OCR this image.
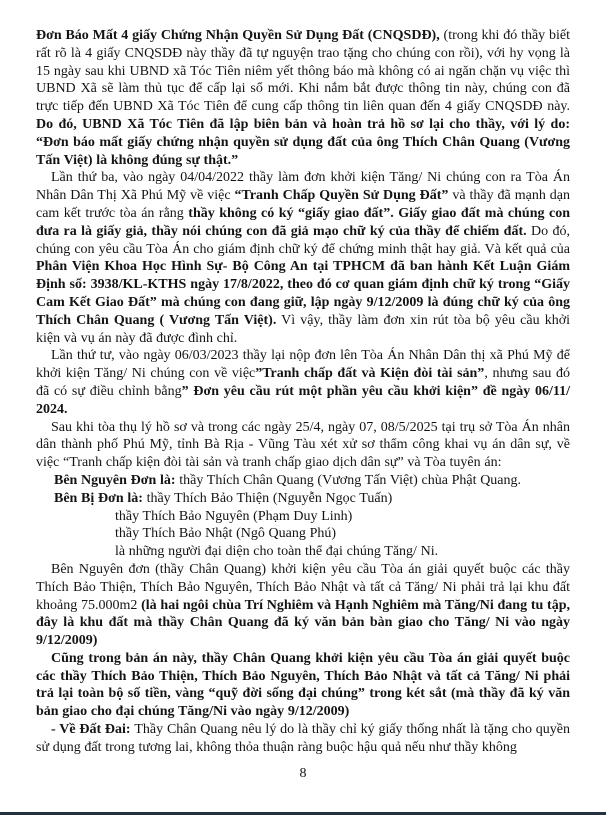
Đơn Báo Mất 4 giấy Chứng Nhận Quyền Sử Dụng Đất (CNQSDĐ), (trong khi đó thầy biết rất rõ là 4 giấy CNQSDĐ này thầy đã tự nguyện trao tặng cho chúng con rồi), với hy vọng là 15 ngày sau khi UBND xã Tóc Tiên niêm yết thông báo mà không có ai ngăn chặn vụ việc thì UBND Xã sẽ làm thủ tục để cấp lại sổ mới. Khi nắm bắt được thông tin này, chúng con đã trực tiếp đến UBND Xã Tóc Tiên để cung cấp thông tin liên quan đến 4 giấy CNQSDĐ này. Do đó, UBND Xã Tóc Tiên đã lập biên bản và hoàn trả hồ sơ lại cho thầy, với lý do: “Đơn báo mất giấy chứng nhận quyền sử dụng đất của ông Thích Chân Quang (Vương Tấn Việt) là không đúng sự thật.”

Lần thứ ba, vào ngày 04/04/2022 thầy làm đơn khởi kiện Tăng/ Ni chúng con ra Tòa Án Nhân Dân Thị Xã Phú Mỹ về việc “Tranh Chấp Quyền Sử Dụng Đất” và thầy đã mạnh dạn cam kết trước tòa án rằng thầy không có ký “giấy giao đất”. Giấy giao đất mà chúng con đưa ra là giấy giả, thầy nói chúng con đã giả mạo chữ ký của thầy để chiếm đất. Do đó, chúng con yêu cầu Tòa Án cho giám định chữ ký để chứng minh thật hay giả. Và kết quả của Phân Viện Khoa Học Hình Sự- Bộ Công An tại TPHCM đã ban hành Kết Luận Giám Định số: 3938/KL-KTHS ngày 17/8/2022, theo đó cơ quan giám định chữ ký trong “Giấy Cam Kết Giao Đất” mà chúng con đang giữ, lập ngày 9/12/2009 là đúng chữ ký của ông Thích Chân Quang ( Vương Tấn Việt). Vì vậy, thầy làm đơn xin rút tòa bộ yêu cầu khởi kiện và vụ án này đã được đình chỉ.

Lần thứ tư, vào ngày 06/03/2023 thầy lại nộp đơn lên Tòa Án Nhân Dân thị xã Phú Mỹ để khởi kiện Tăng/ Ni chúng con về việc”Tranh chấp đất và Kiện đòi tài sản”, nhưng sau đó đã có sự điều chỉnh bằng” Đơn yêu cầu rút một phần yêu cầu khởi kiện” đề ngày 06/11/ 2024.

Sau khi tòa thụ lý hồ sơ và trong các ngày 25/4, ngày 07, 08/5/2025 tại trụ sở Tòa Án nhân dân thành phố Phú Mỹ, tỉnh Bà Rịa - Vũng Tàu xét xử sơ thẩm công khai vụ án dân sự, về việc “Tranh chấp kiện đòi tài sản và tranh chấp giao dịch dân sự” và Tòa tuyên án:

Bên Nguyên Đơn là: thầy Thích Chân Quang (Vương Tấn Việt) chùa Phật Quang.

Bên Bị Đơn là: thầy Thích Bảo Thiện (Nguyễn Ngọc Tuấn)

thầy Thích Bảo Nguyên (Phạm Duy Linh)

thầy Thích Bảo Nhật (Ngô Quang Phú)

là những người đại diện cho toàn thể đại chúng Tăng/ Ni.

Bên Nguyên đơn (thầy Chân Quang) khởi kiện yêu cầu Tòa án giải quyết buộc các thầy Thích Bảo Thiện, Thích Bảo Nguyên, Thích Bảo Nhật và tất cả Tăng/ Ni phải trả lại khu đất khoảng 75.000m2 (là hai ngôi chùa Trí Nghiêm và Hạnh Nghiêm mà Tăng/Ni đang tu tập, đây là khu đất mà thầy Chân Quang đã ký văn bản bàn giao cho Tăng/ Ni vào ngày 9/12/2009)

Cũng trong bản án này, thầy Chân Quang khởi kiện yêu cầu Tòa án giải quyết buộc các thầy Thích Bảo Thiện, Thích Bảo Nguyên, Thích Bảo Nhật và tất cả Tăng/ Ni phải trả lại toàn bộ số tiền, vàng “quỹ đời sống đại chúng” trong két sắt (mà thầy đã ký văn bản giao cho đại chúng Tăng/Ni vào ngày 9/12/2009)

- Về Đất Đai: Thầy Chân Quang nêu lý do là thầy chỉ ký giấy thống nhất là tặng cho quyền sử dụng đất trong tương lai, không thỏa thuận ràng buộc hậu quả nếu như thầy không

8
